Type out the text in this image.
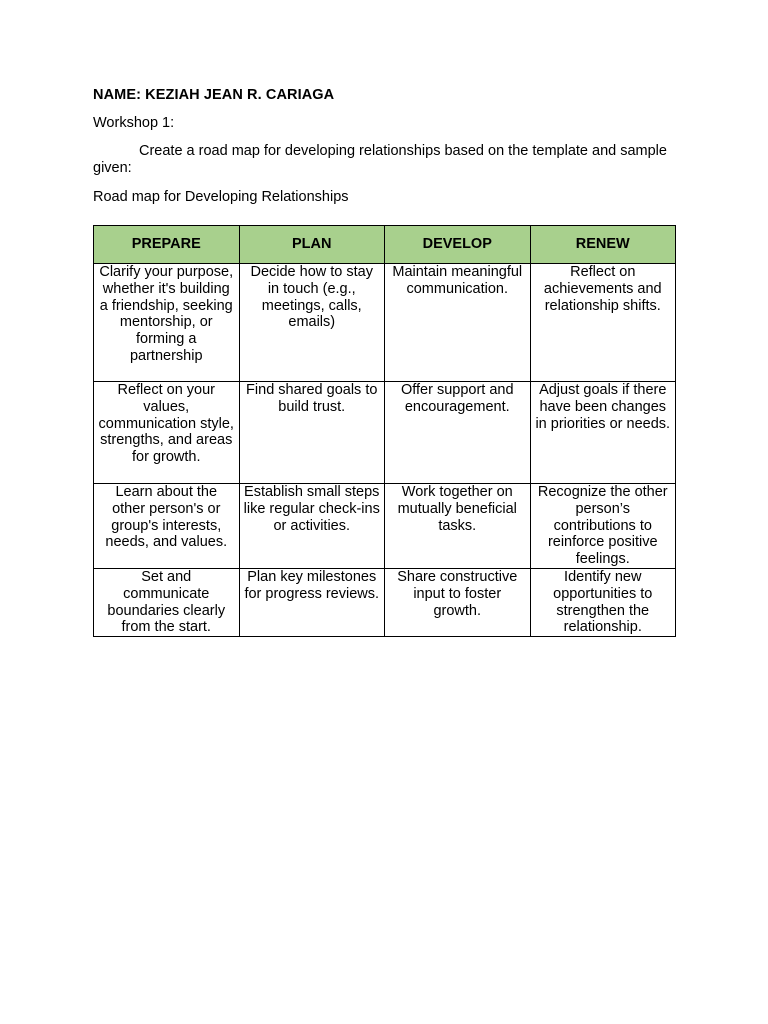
NAME: KEZIAH JEAN R. CARIAGA
Workshop 1:
Create a road map for developing relationships based on the template and sample given:
Road map for Developing Relationships
PREPARE	PLAN	DEVELOP	RENEW

Clarify your purpose, whether it's building a friendship, seeking mentorship, or forming a partnership	Decide how to stay in touch (e.g., meetings, calls, emails)	Maintain meaningful communication.	Reflect on achievements and relationship shifts.

Reflect on your values, communication style, strengths, and areas for growth.	Find shared goals to build trust.	Offer support and encouragement.	Adjust goals if there have been changes in priorities or needs.

Learn about the other person's or group's interests, needs, and values.	Establish small steps like regular check-ins or activities.	Work together on mutually beneficial tasks.	Recognize the other person’s contributions to reinforce positive feelings.

Set and communicate boundaries clearly from the start.	Plan key milestones for progress reviews.	Share constructive input to foster growth.	Identify new opportunities to strengthen the relationship.
